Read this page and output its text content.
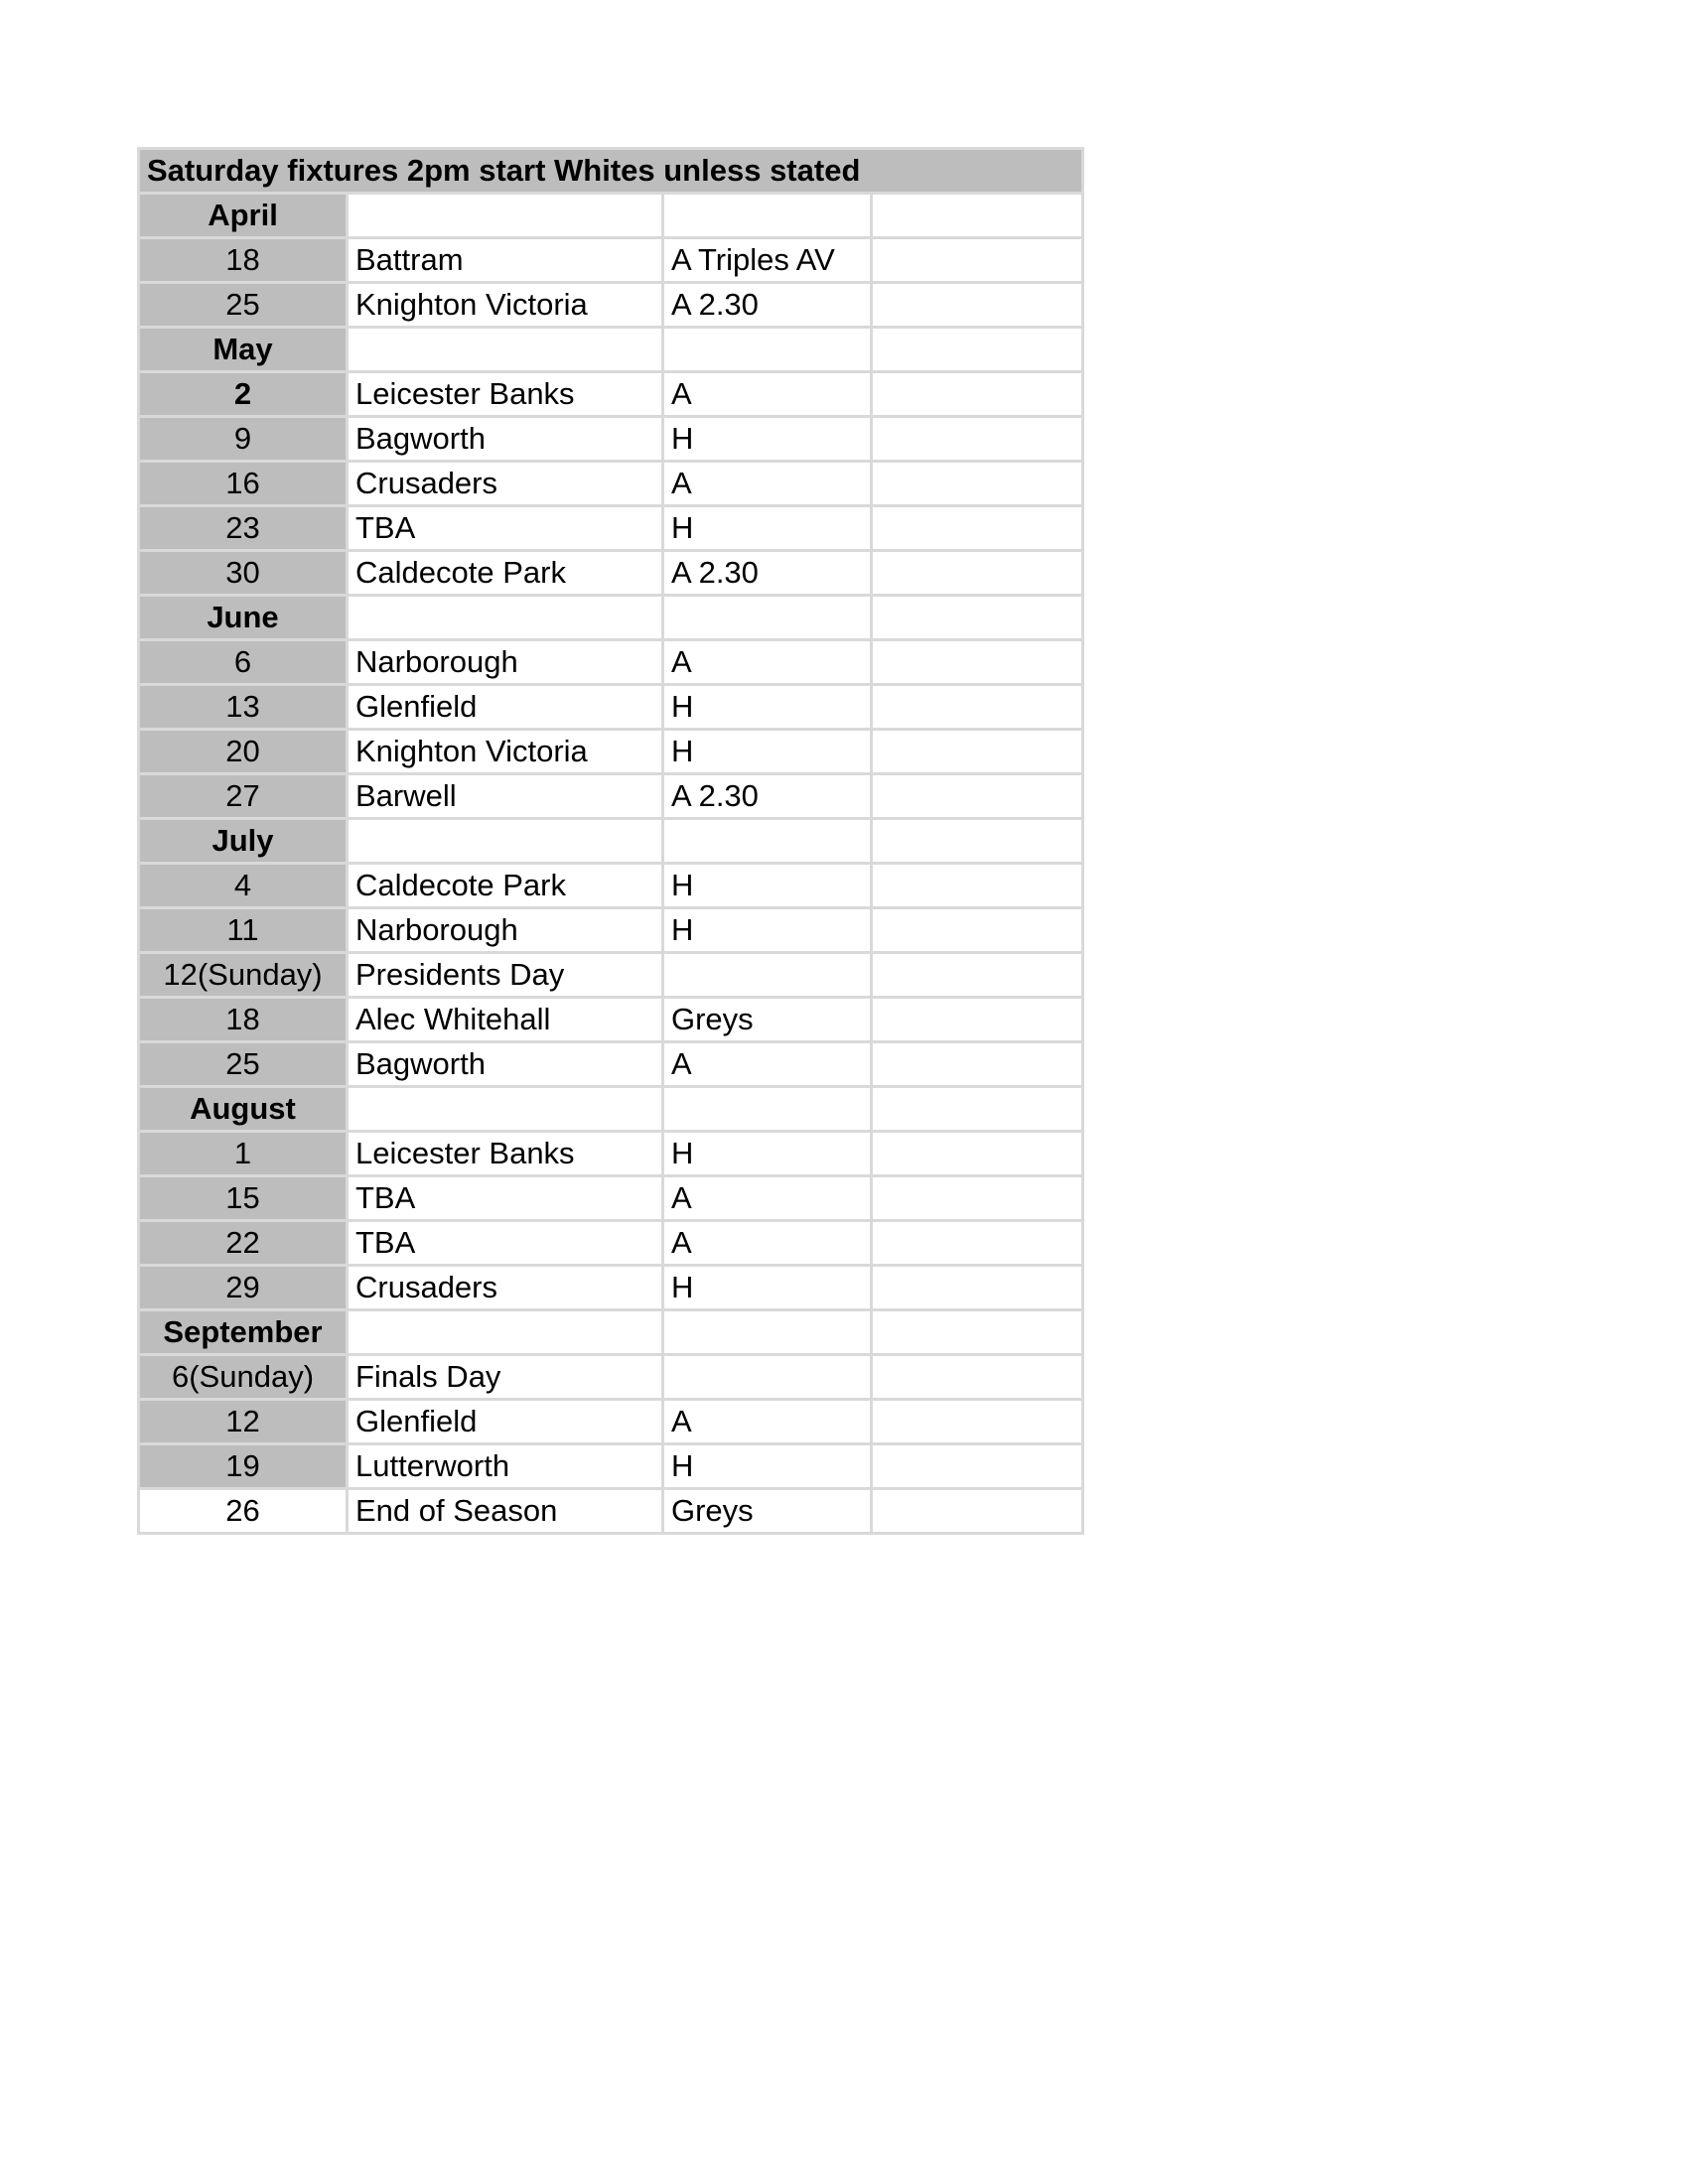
Saturday fixtures 2pm start Whites unless stated			
April			
18	Battram	A Triples AV	
25	Knighton Victoria	A 2.30	
May			
2	Leicester Banks	A	
9	Bagworth	H	
16	Crusaders	A	
23	TBA	H	
30	Caldecote Park	A 2.30	
June			
6	Narborough	A	
13	Glenfield	H	
20	Knighton Victoria	H	
27	Barwell	A 2.30	
July			
4	Caldecote Park	H	
11	Narborough	H	
12(Sunday)	Presidents Day		
18	Alec Whitehall	Greys	
25	Bagworth	A	
August			
1	Leicester Banks	H	
15	TBA	A	
22	TBA	A	
29	Crusaders	H	
September			
6(Sunday)	Finals Day		
12	Glenfield	A	
19	Lutterworth	H	
26	End of Season	Greys	
